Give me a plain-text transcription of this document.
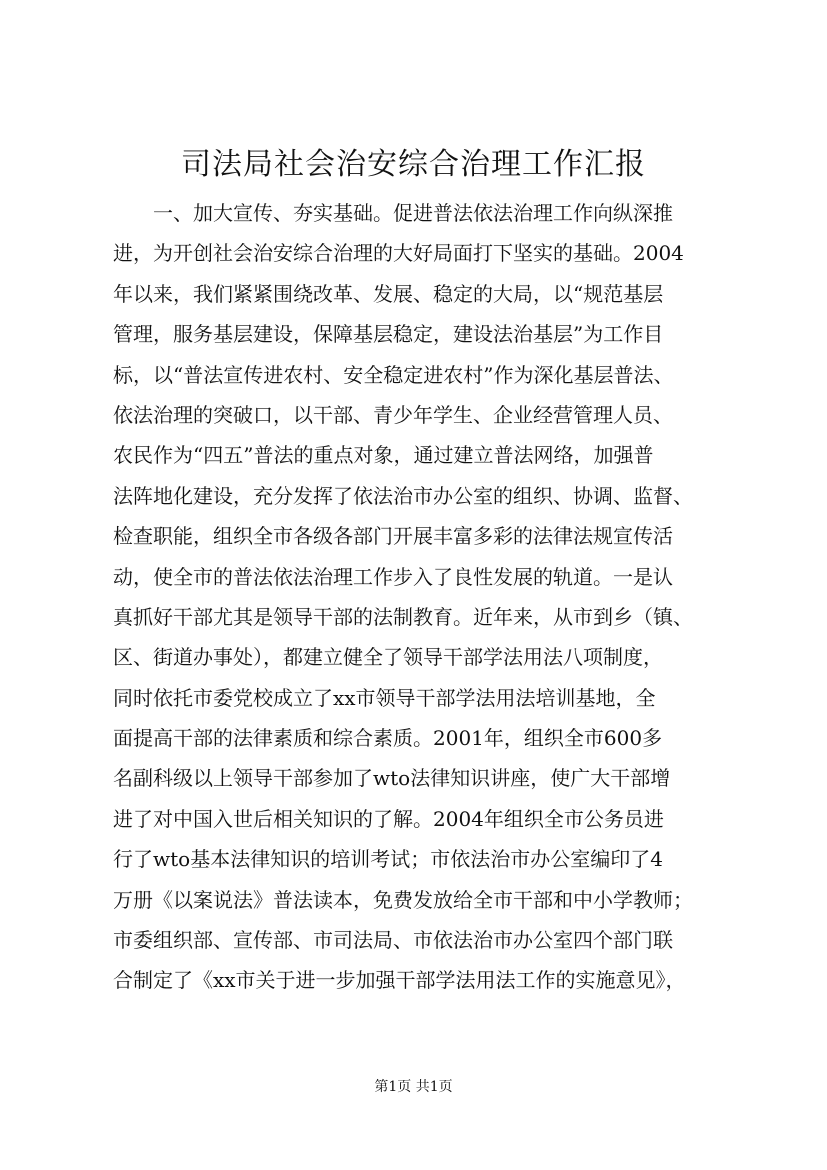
司法局社会治安综合治理工作汇报
　　一、加大宣传、夯实基础。促进普法依法治理工作向纵深推
进，为开创社会治安综合治理的大好局面打下坚实的基础。2004
年以来，我们紧紧围绕改革、发展、稳定的大局，以“规范基层
管理，服务基层建设，保障基层稳定，建设法治基层”为工作目
标，以“普法宣传进农村、安全稳定进农村”作为深化基层普法、
依法治理的突破口，以干部、青少年学生、企业经营管理人员、
农民作为“四五”普法的重点对象，通过建立普法网络，加强普
法阵地化建设，充分发挥了依法治市办公室的组织、协调、监督、
检查职能，组织全市各级各部门开展丰富多彩的法律法规宣传活
动，使全市的普法依法治理工作步入了良性发展的轨道。一是认
真抓好干部尤其是领导干部的法制教育。近年来，从市到乡（镇、
区、街道办事处），都建立健全了领导干部学法用法八项制度，
同时依托市委党校成立了xx市领导干部学法用法培训基地，全
面提高干部的法律素质和综合素质。2001年，组织全市600多
名副科级以上领导干部参加了wto法律知识讲座，使广大干部增
进了对中国入世后相关知识的了解。2004年组织全市公务员进
行了wto基本法律知识的培训考试；市依法治市办公室编印了4
万册《以案说法》普法读本，免费发放给全市干部和中小学教师；
市委组织部、宣传部、市司法局、市依法治市办公室四个部门联
合制定了《xx市关于进一步加强干部学法用法工作的实施意见》，
第1页 共1页
